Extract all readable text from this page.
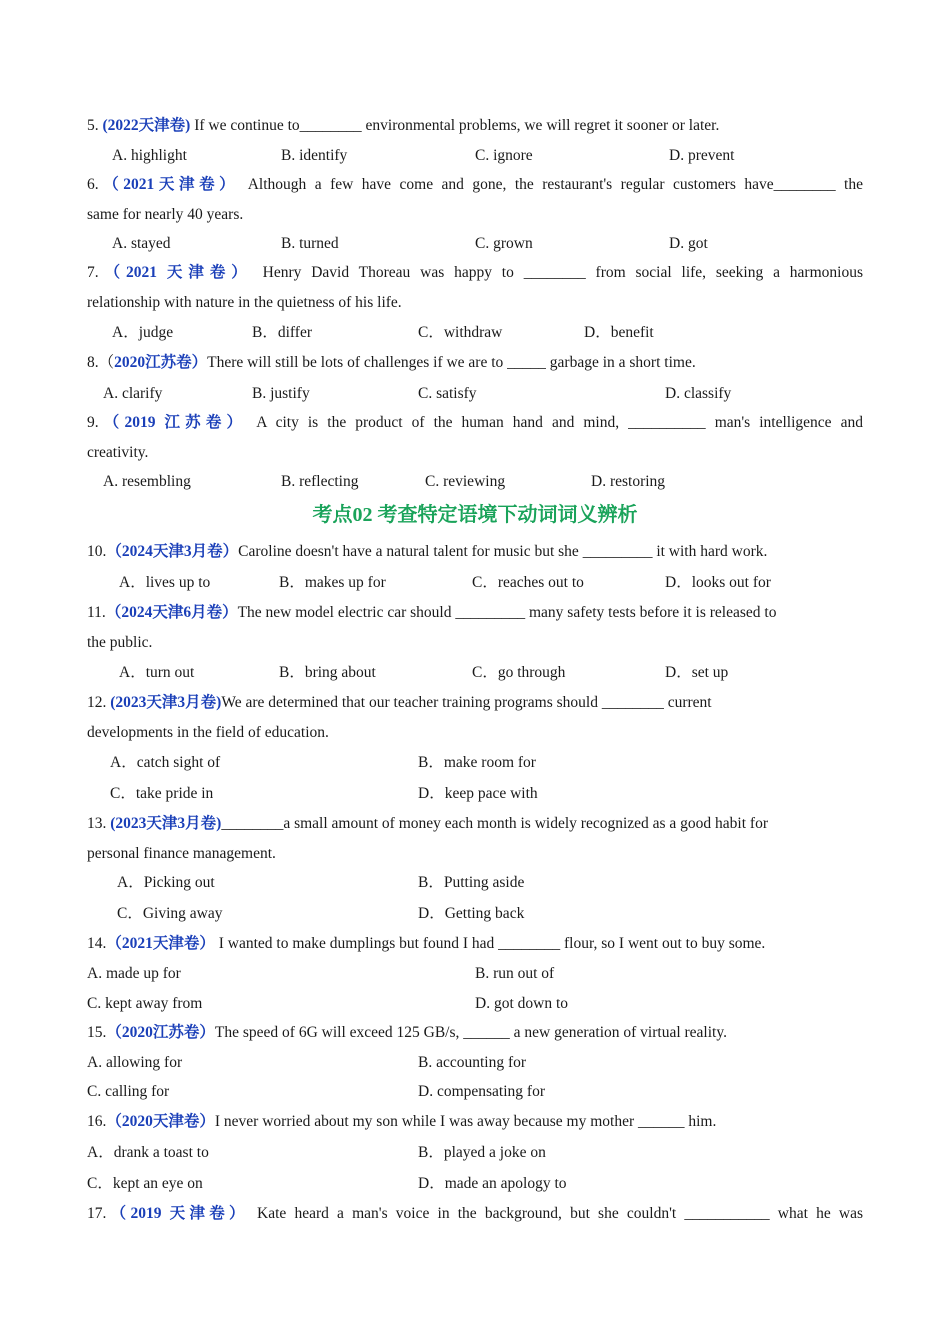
5. (2022天津卷) If we continue to________ environmental problems, we will regret it sooner or later.
A. highlight	B. identify	C. ignore	D. prevent
6.（2021天津卷） Although a few have come and gone, the restaurant's regular customers have________ the
same for nearly 40 years.
A. stayed	B. turned	C. grown	D. got
7.（2021 天津卷） Henry David Thoreau was happy to ________ from social life, seeking a harmonious
relationship with nature in the quietness of his life.
A．judge	B．differ	C．withdraw	D．benefit
8.（2020江苏卷）There will still be lots of challenges if we are to _____ garbage in a short time.
A. clarify	B. justify	C. satisfy	D. classify
9.（2019 江苏卷） A city is the product of the human hand and mind, __________ man's intelligence and
creativity.
A. resembling	B. reflecting	C. reviewing	D. restoring
考点02 考查特定语境下动词词义辨析
10.（2024天津3月卷）Caroline doesn't have a natural talent for music but she _________ it with hard work.
A．lives up to	B．makes up for	C．reaches out to	D．looks out for
11.（2024天津6月卷）The new model electric car should _________ many safety tests before it is released to
the public.
A．turn out	B．bring about	C．go through	D．set up
12. (2023天津3月卷)We are determined that our teacher training programs should ________ current
developments in the field of education.
A．catch sight of	B．make room for
C．take pride in	D．keep pace with
13. (2023天津3月卷)________a small amount of money each month is widely recognized as a good habit for
personal finance management.
A．Picking out	B．Putting aside
C．Giving away	D．Getting back
14.（2021天津卷） I wanted to make dumplings but found I had ________ flour, so I went out to buy some.
A. made up for	B. run out of
C. kept away from	D. got down to
15.（2020江苏卷）The speed of 6G will exceed 125 GB/s, ______ a new generation of virtual reality.
A. allowing for	B. accounting for
C. calling for	D. compensating for
16.（2020天津卷）I never worried about my son while I was away because my mother ______ him.
A．drank a toast to	B．played a joke on
C．kept an eye on	D．made an apology to
17.（2019 天津卷） Kate heard a man's voice in the background, but she couldn't ___________ what he was
